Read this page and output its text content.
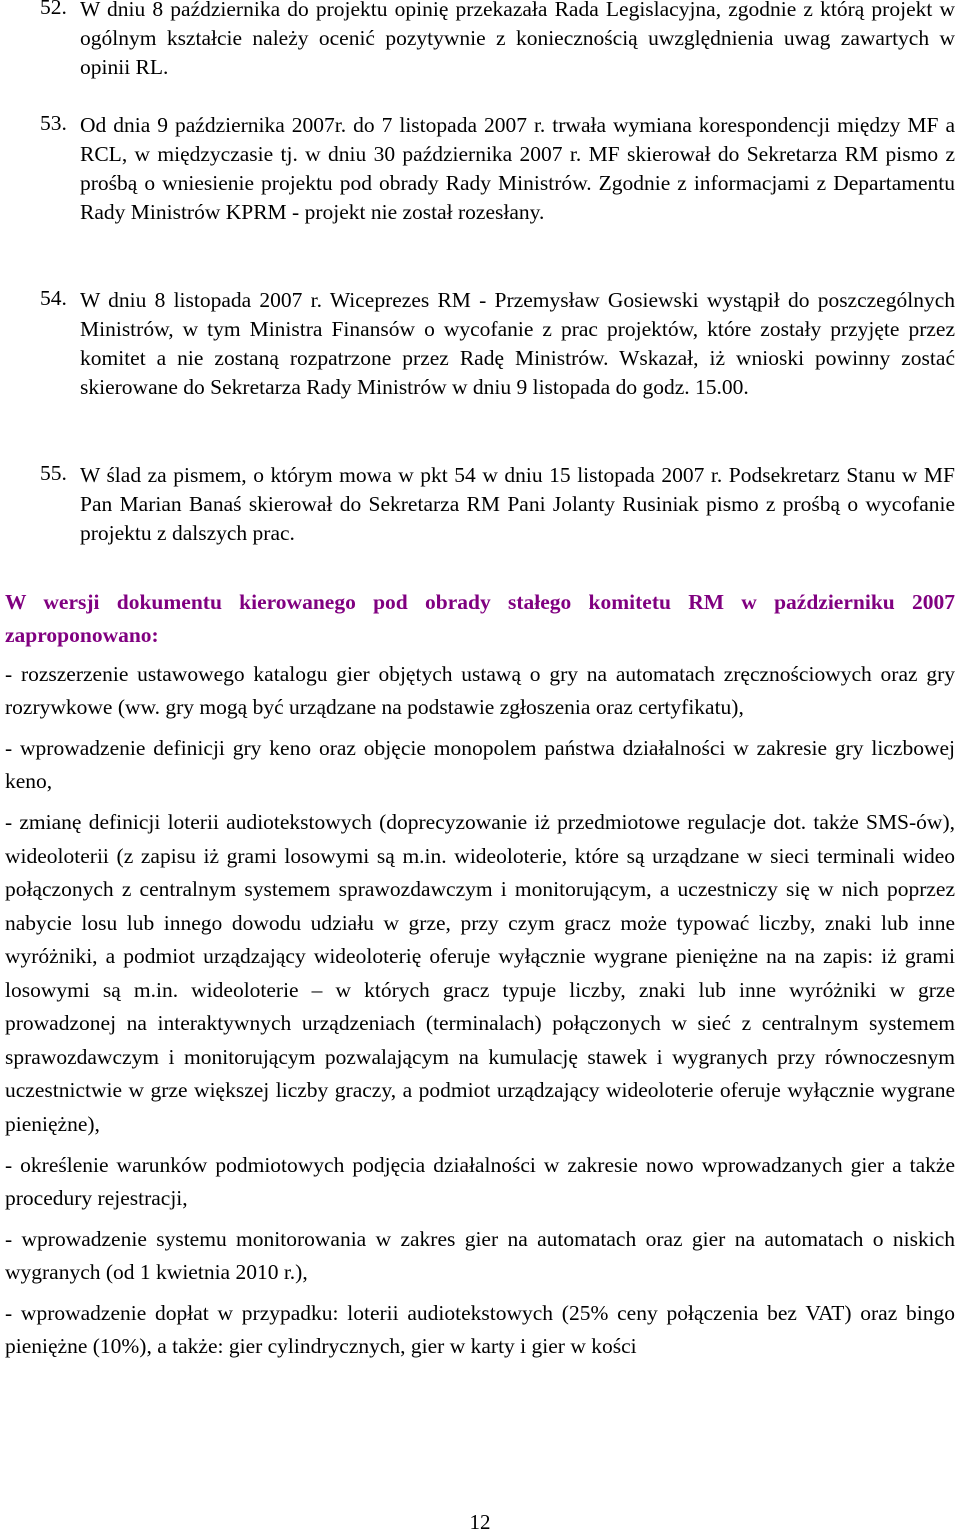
52. W dniu 8 października do projektu opinię przekazała Rada Legislacyjna, zgodnie z którą projekt w ogólnym kształcie należy ocenić pozytywnie z koniecznością uwzględnienia uwag zawartych w opinii RL.
53. Od dnia 9 października 2007r. do 7 listopada 2007 r. trwała wymiana korespondencji między MF a RCL, w międzyczasie tj. w dniu 30 października 2007 r. MF skierował do Sekretarza RM pismo z prośbą o wniesienie projektu pod obrady Rady Ministrów. Zgodnie z informacjami z Departamentu Rady Ministrów KPRM - projekt nie został rozesłany.
54. W dniu 8 listopada 2007 r. Wiceprezes RM - Przemysław Gosiewski wystąpił do poszczególnych Ministrów, w tym Ministra Finansów o wycofanie z prac projektów, które zostały przyjęte przez komitet a nie zostaną rozpatrzone przez Radę Ministrów. Wskazał, iż wnioski powinny zostać skierowane do Sekretarza Rady Ministrów w dniu 9 listopada do godz. 15.00.
55. W ślad za pismem, o którym mowa w pkt 54 w dniu 15 listopada 2007 r. Podsekretarz Stanu w MF Pan Marian Banaś skierował do Sekretarza RM Pani Jolanty Rusiniak pismo z prośbą o wycofanie projektu z dalszych prac.
W wersji dokumentu kierowanego pod obrady stałego komitetu RM w październiku 2007 zaproponowano:

- rozszerzenie ustawowego katalogu gier objętych ustawą o gry na automatach zręcznościowych oraz gry rozrywkowe (ww. gry mogą być urządzane na podstawie zgłoszenia oraz certyfikatu),

- wprowadzenie definicji gry keno oraz objęcie monopolem państwa działalności w zakresie gry liczbowej keno,

- zmianę definicji loterii audiotekstowych (doprecyzowanie iż przedmiotowe regulacje dot. także SMS-ów), wideoloterii (z zapisu iż grami losowymi są m.in. wideoloterie, które są urządzane w sieci terminali wideo połączonych z centralnym systemem sprawozdawczym i monitorującym, a uczestniczy się w nich poprzez nabycie losu lub innego dowodu udziału w grze, przy czym gracz może typować liczby, znaki lub inne wyróżniki, a podmiot urządzający wideoloterię oferuje wyłącznie wygrane pieniężne na na zapis: iż grami losowymi są m.in. wideoloterie – w których gracz typuje liczby, znaki lub inne wyróżniki w grze prowadzonej na interaktywnych urządzeniach (terminalach) połączonych w sieć z centralnym systemem sprawozdawczym i monitorującym pozwalającym na kumulację stawek i wygranych przy równoczesnym uczestnictwie w grze większej liczby graczy, a podmiot urządzający wideoloterie oferuje wyłącznie wygrane pieniężne),

- określenie warunków podmiotowych podjęcia działalności w zakresie nowo wprowadzanych gier a także procedury rejestracji,

- wprowadzenie systemu monitorowania w zakres gier na automatach oraz gier na automatach o niskich wygranych (od 1 kwietnia 2010 r.),

- wprowadzenie dopłat w przypadku: loterii audiotekstowych (25% ceny połączenia bez VAT) oraz bingo pieniężne (10%), a także: gier cylindrycznych, gier w karty i gier w kości

12
